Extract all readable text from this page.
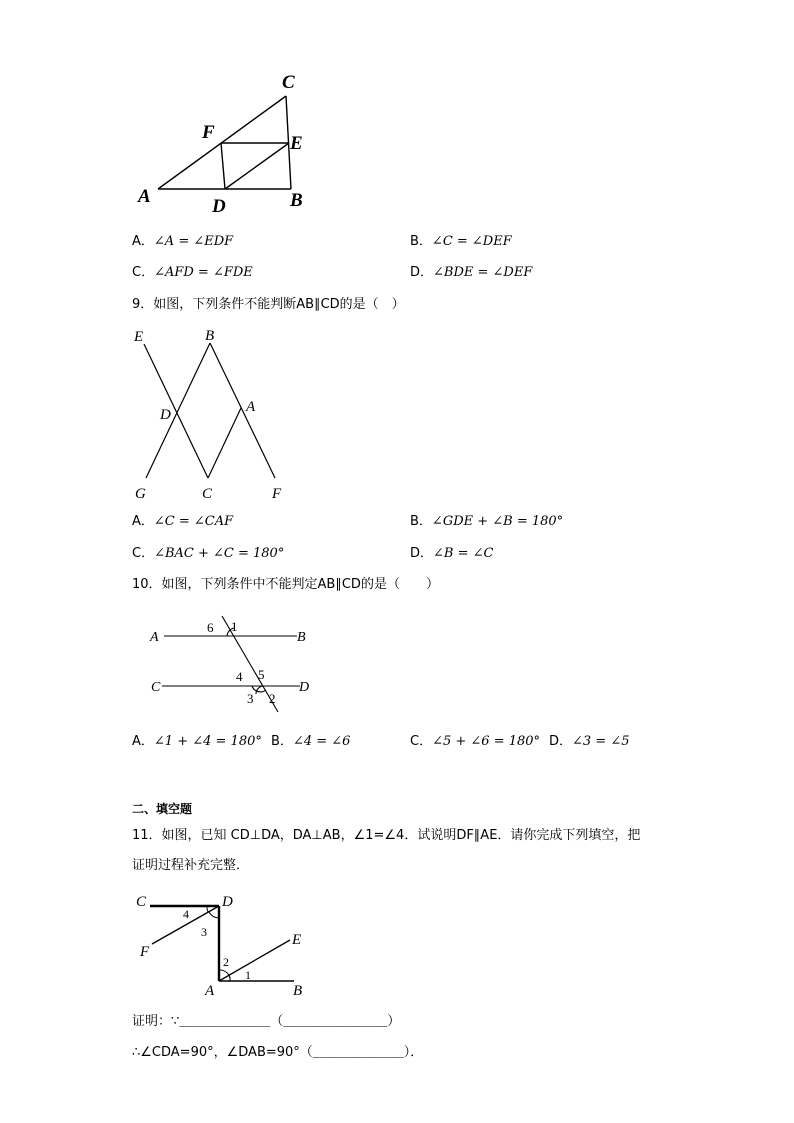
A	D	B
C
F
E
A．∠A = ∠EDF	B．∠C = ∠DEF
C．∠AFD = ∠FDE	D．∠BDE = ∠DEF
9．如图，下列条件不能判断AB∥CD的是（　）
E	B
D	A
G	C	F
A．∠C = ∠CAF	B．∠GDE + ∠B = 180°
C．∠BAC + ∠C = 180°	D．∠B = ∠C
10．如图，下列条件中不能判定AB∥CD的是（　　）
A	B
C	D
1
6
4 5
3 2
A．∠1 + ∠4 = 180° B．∠4 = ∠6	C．∠5 + ∠6 = 180° D．∠3 = ∠5
二、填空题
11．如图，已知 CD⊥DA，DA⊥AB，∠1=∠4．试说明DF∥AE．请你完成下列填空，把
证明过程补充完整．
C	D
F
E
A	B
4
3
2
1
证明：∵＿＿＿＿＿＿＿（＿＿＿＿＿＿＿＿）
∴∠CDA=90°，∠DAB=90°（＿＿＿＿＿＿＿）．
